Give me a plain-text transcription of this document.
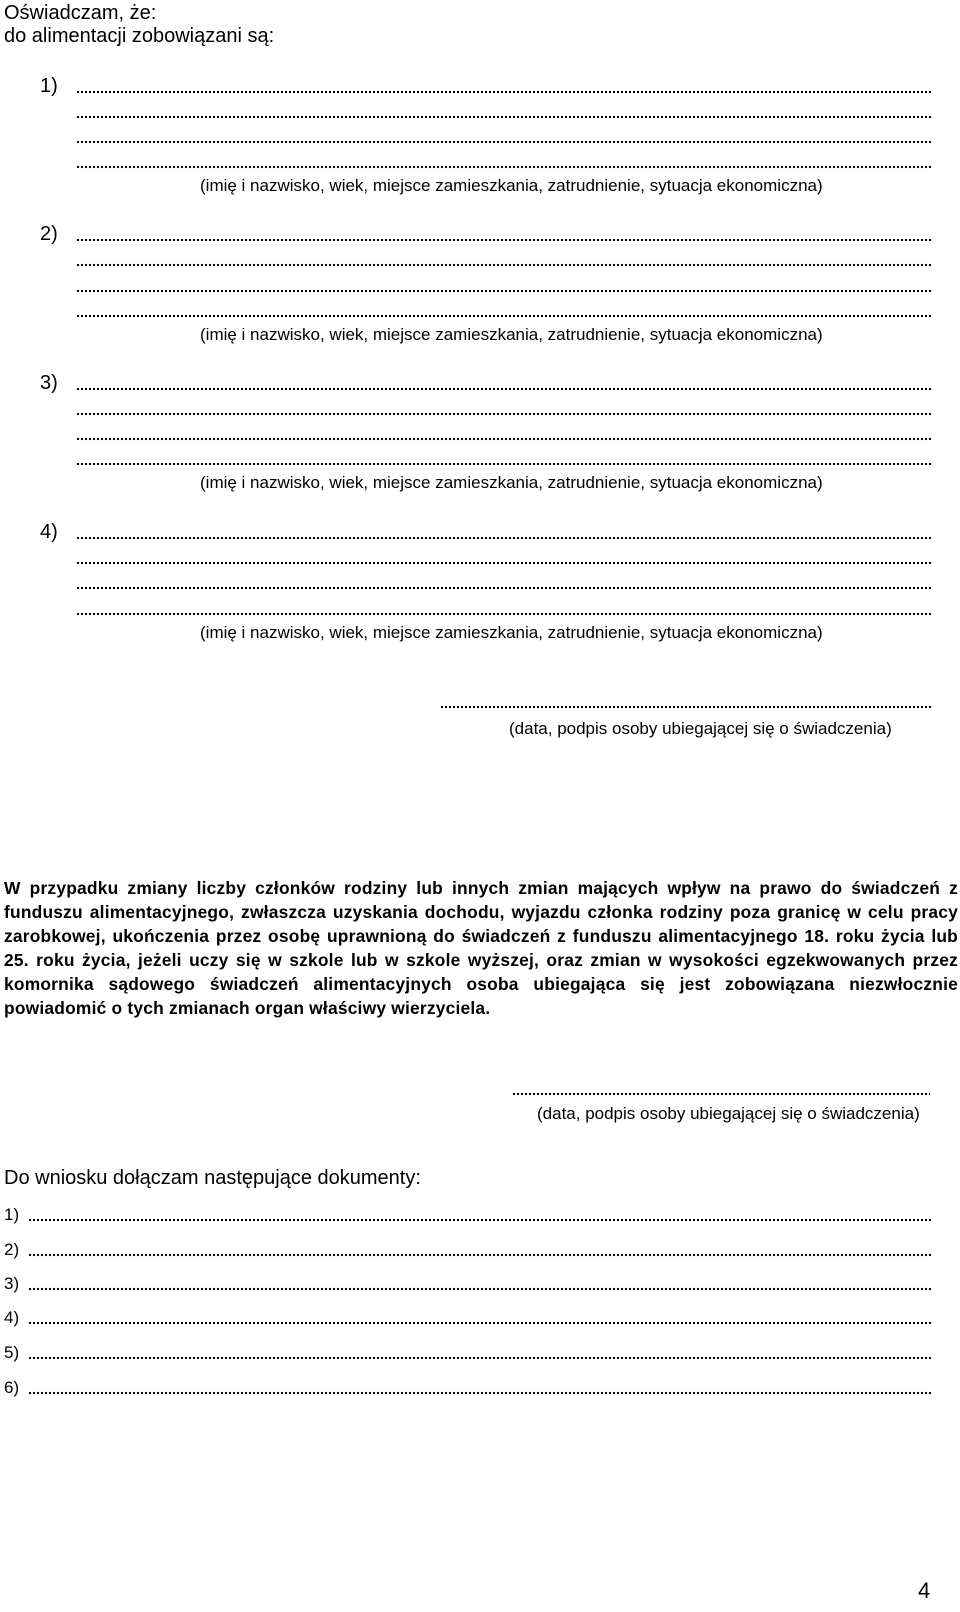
Oświadczam, że:
do alimentacji zobowiązani są:
1)
(imię i nazwisko, wiek, miejsce zamieszkania, zatrudnienie, sytuacja ekonomiczna)
2)
(imię i nazwisko, wiek, miejsce zamieszkania, zatrudnienie, sytuacja ekonomiczna)
3)
(imię i nazwisko, wiek, miejsce zamieszkania, zatrudnienie, sytuacja ekonomiczna)
4)
(imię i nazwisko, wiek, miejsce zamieszkania, zatrudnienie, sytuacja ekonomiczna)
(data, podpis osoby ubiegającej się o świadczenia)
W przypadku zmiany liczby członków rodziny lub innych zmian mających wpływ na prawo do świadczeń z funduszu alimentacyjnego, zwłaszcza uzyskania dochodu, wyjazdu członka rodziny poza granicę w celu pracy zarobkowej, ukończenia przez osobę uprawnioną do świadczeń z funduszu alimentacyjnego 18. roku życia lub 25. roku życia, jeżeli uczy się w szkole lub w szkole wyższej, oraz zmian w wysokości egzekwowanych przez komornika sądowego świadczeń alimentacyjnych osoba ubiegająca się jest zobowiązana niezwłocznie powiadomić o tych zmianach organ właściwy wierzyciela.
(data, podpis osoby ubiegającej się o świadczenia)
Do wniosku dołączam następujące dokumenty:
1)
2)
3)
4)
5)
6)
4
